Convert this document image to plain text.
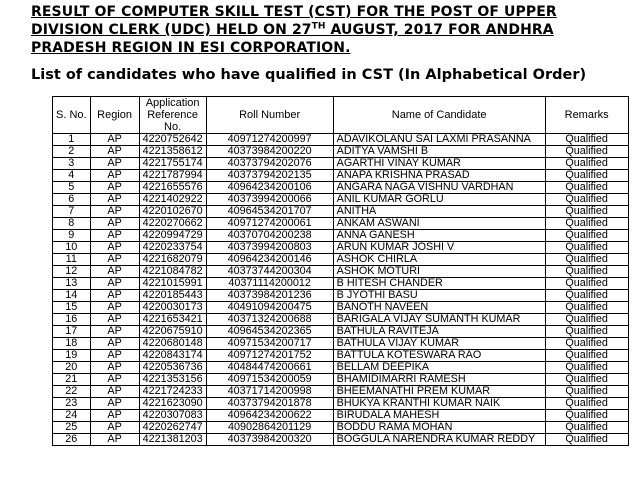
RESULT OF COMPUTER SKILL TEST (CST) FOR THE POST OF UPPER DIVISION CLERK (UDC) HELD ON 27TH AUGUST, 2017 FOR ANDHRA PRADESH REGION IN ESI CORPORATION.
List of candidates who have qualified in CST (In Alphabetical Order)
S. No.	Region	Application Reference No.	Roll Number	Name of Candidate	Remarks
1	AP	4220752642	40971274200997	ADAVIKOLANU SAI LAXMI PRASANNA	Qualified
2	AP	4221358612	40373984200220	ADITYA VAMSHI B	Qualified
3	AP	4221755174	40373794202076	AGARTHI VINAY KUMAR	Qualified
4	AP	4221787994	40373794202135	ANAPA KRISHNA PRASAD	Qualified
5	AP	4221655576	40964234200106	ANGARA NAGA VISHNU VARDHAN	Qualified
6	AP	4221402922	40373994200066	ANIL KUMAR GORLU	Qualified
7	AP	4220102670	40964534201707	ANITHA	Qualified
8	AP	4220270662	40971274200061	ANKAM ASWANI	Qualified
9	AP	4220994729	40370704200238	ANNA GANESH	Qualified
10	AP	4220233754	40373994200803	ARUN KUMAR JOSHI V	Qualified
11	AP	4221682079	40964234200146	ASHOK CHIRLA	Qualified
12	AP	4221084782	40373744200304	ASHOK MOTURI	Qualified
13	AP	4221015991	40371114200012	B HITESH CHANDER	Qualified
14	AP	4220185443	40373984201236	B JYOTHI BASU	Qualified
15	AP	4220030173	40491094200475	BANOTH NAVEEN	Qualified
16	AP	4221653421	40371324200688	BARIGALA VIJAY SUMANTH KUMAR	Qualified
17	AP	4220675910	40964534202365	BATHULA RAVITEJA	Qualified
18	AP	4220680148	40971534200717	BATHULA VIJAY KUMAR	Qualified
19	AP	4220843174	40971274201752	BATTULA KOTESWARA RAO	Qualified
20	AP	4220536736	40484474200661	BELLAM DEEPIKA	Qualified
21	AP	4221353156	40971534200059	BHAMIDIMARRI RAMESH	Qualified
22	AP	4221724233	40371714200998	BHEEMANATHI PREM KUMAR	Qualified
23	AP	4221623090	40373794201878	BHUKYA KRANTHI KUMAR NAIK	Qualified
24	AP	4220307083	40964234200622	BIRUDALA MAHESH	Qualified
25	AP	4220262747	40902864201129	BODDU RAMA MOHAN	Qualified
26	AP	4221381203	40373984200320	BOGGULA NARENDRA KUMAR REDDY	Qualified
